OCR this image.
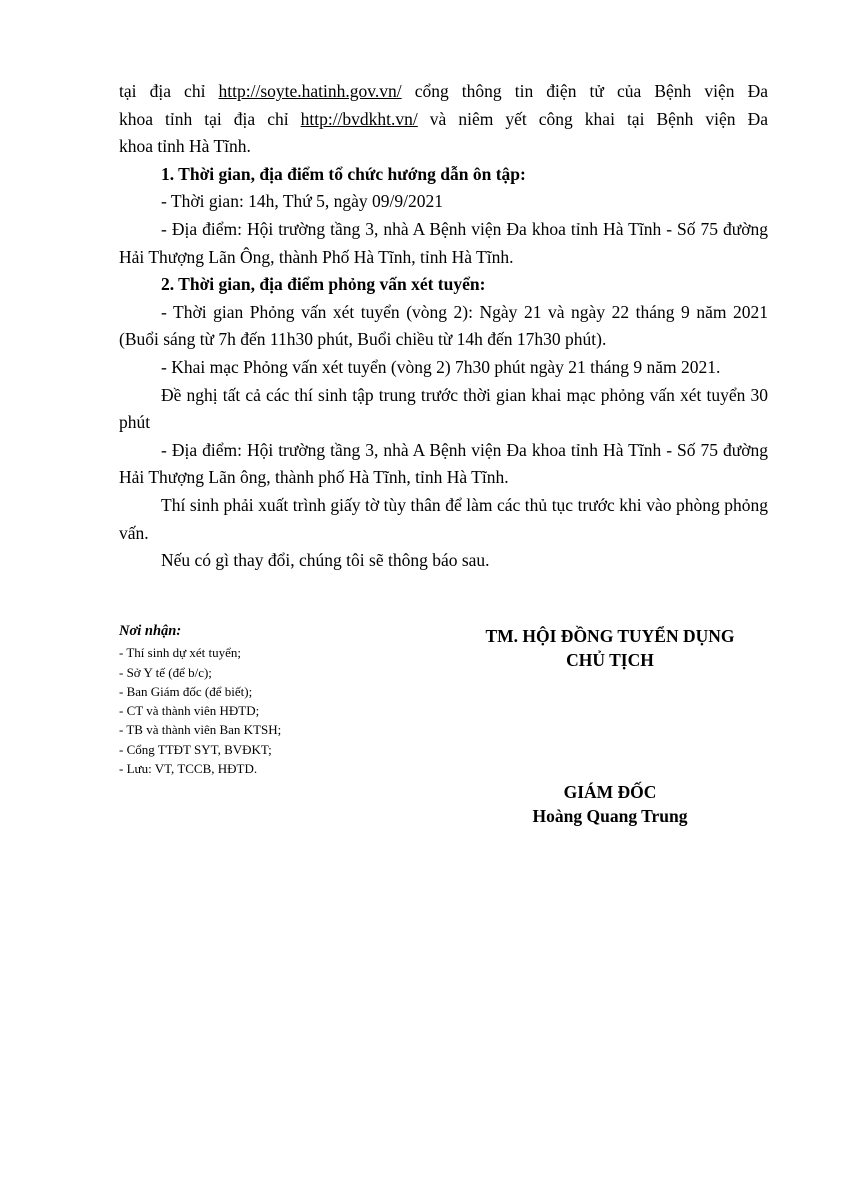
tại địa chỉ http://soyte.hatinh.gov.vn/ cổng thông tin điện tử của Bệnh viện Đa

khoa tỉnh tại địa chỉ http://bvdkht.vn/ và niêm yết công khai tại Bệnh viện Đa

khoa tỉnh Hà Tĩnh.

1. Thời gian, địa điểm tổ chức hướng dẫn ôn tập:

- Thời gian: 14h, Thứ 5, ngày 09/9/2021

- Địa điểm: Hội trường tầng 3, nhà A Bệnh viện Đa khoa tỉnh Hà Tĩnh - Số 75 đường Hải Thượng Lãn Ông, thành Phố Hà Tĩnh, tỉnh Hà Tĩnh.

2. Thời gian, địa điểm phỏng vấn xét tuyển:

- Thời gian Phỏng vấn xét tuyển (vòng 2): Ngày 21 và ngày 22 tháng 9 năm 2021 (Buổi sáng từ 7h đến 11h30 phút, Buổi chiều từ 14h đến 17h30 phút).

- Khai mạc Phỏng vấn xét tuyển (vòng 2) 7h30 phút ngày 21 tháng 9 năm 2021.

Đề nghị tất cả các thí sinh tập trung trước thời gian khai mạc phỏng vấn xét tuyển 30 phút

- Địa điểm: Hội trường tầng 3, nhà A Bệnh viện Đa khoa tỉnh Hà Tĩnh - Số 75 đường Hải Thượng Lãn ông, thành phố Hà Tĩnh, tỉnh Hà Tĩnh.

Thí sinh phải xuất trình giấy tờ tùy thân để làm các thủ tục trước khi vào phòng phỏng vấn.

Nếu có gì thay đổi, chúng tôi sẽ thông báo sau.

Nơi nhận:
- Thí sinh dự xét tuyển;
- Sở Y tế (để b/c);
- Ban Giám đốc (để biết);
- CT và thành viên HĐTD;
- TB và thành viên Ban KTSH;
- Cổng TTĐT SYT, BVĐKT;
- Lưu: VT, TCCB, HĐTD.
TM. HỘI ĐỒNG TUYỂN DỤNG
CHỦ TỊCH
GIÁM ĐỐC
Hoàng Quang Trung
